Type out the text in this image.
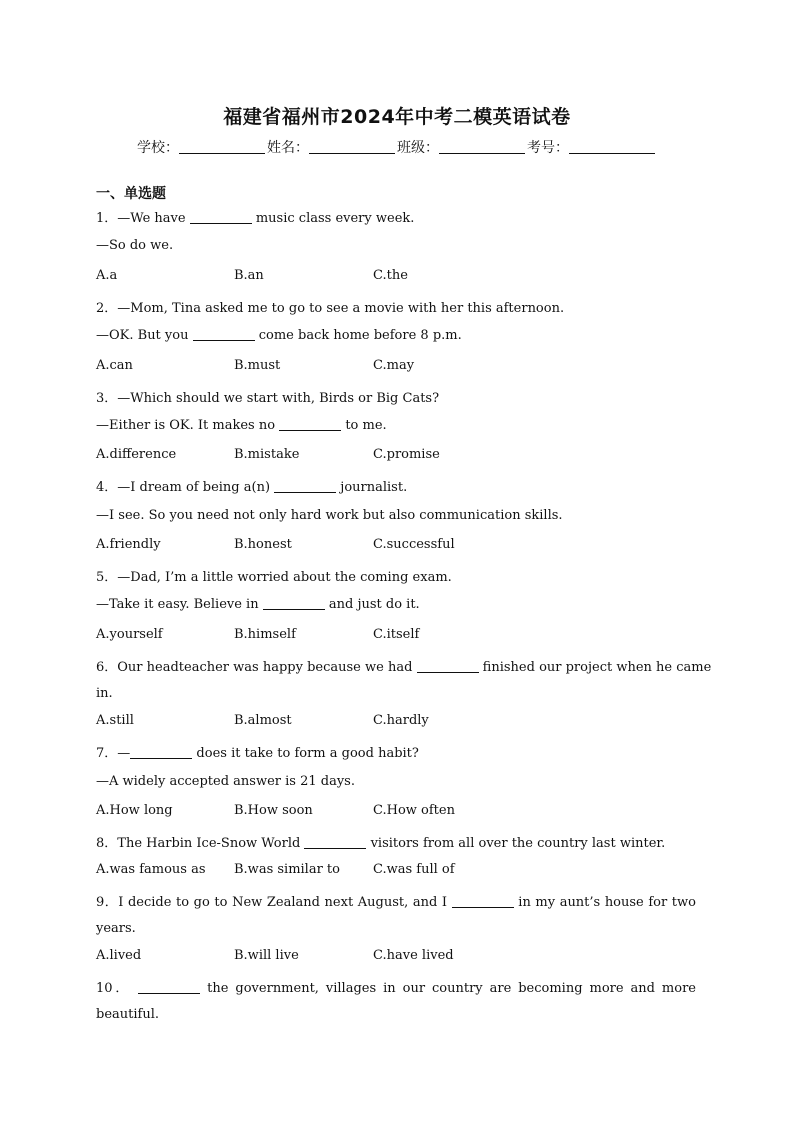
福建省福州市2024年中考二模英语试卷
学校：	姓名：	班级：	考号：
一、单选题
1．—We have	music class every week.
—So do we.
A.a	B.an	C.the
2．—Mom, Tina asked me to go to see a movie with her this afternoon.
—OK. But you	come back home before 8 p.m.
A.can	B.must	C.may
3．—Which should we start with, Birds or Big Cats?
—Either is OK. It makes no	to me.
A.difference	B.mistake	C.promise
4．—I dream of being a(n)	journalist.
—I see. So you need not only hard work but also communication skills.
A.friendly	B.honest	C.successful
5．—Dad, I’m a little worried about the coming exam.
—Take it easy. Believe in	and just do it.
A.yourself	B.himself	C.itself
6．Our headteacher was happy because we had	finished our project when he came
in.
A.still	B.almost	C.hardly
7．—	does it take to form a good habit?
—A widely accepted answer is 21 days.
A.How long	B.How soon	C.How often
8．The Harbin Ice-Snow World	visitors from all over the country last winter.
A.was famous as B.was similar to	C.was full of
9．I decide to go to New Zealand next August, and I	in my aunt’s house for two
years.
A.lived	B.will live	C.have lived
10．	the government, villages in our country are becoming more and more
beautiful.
